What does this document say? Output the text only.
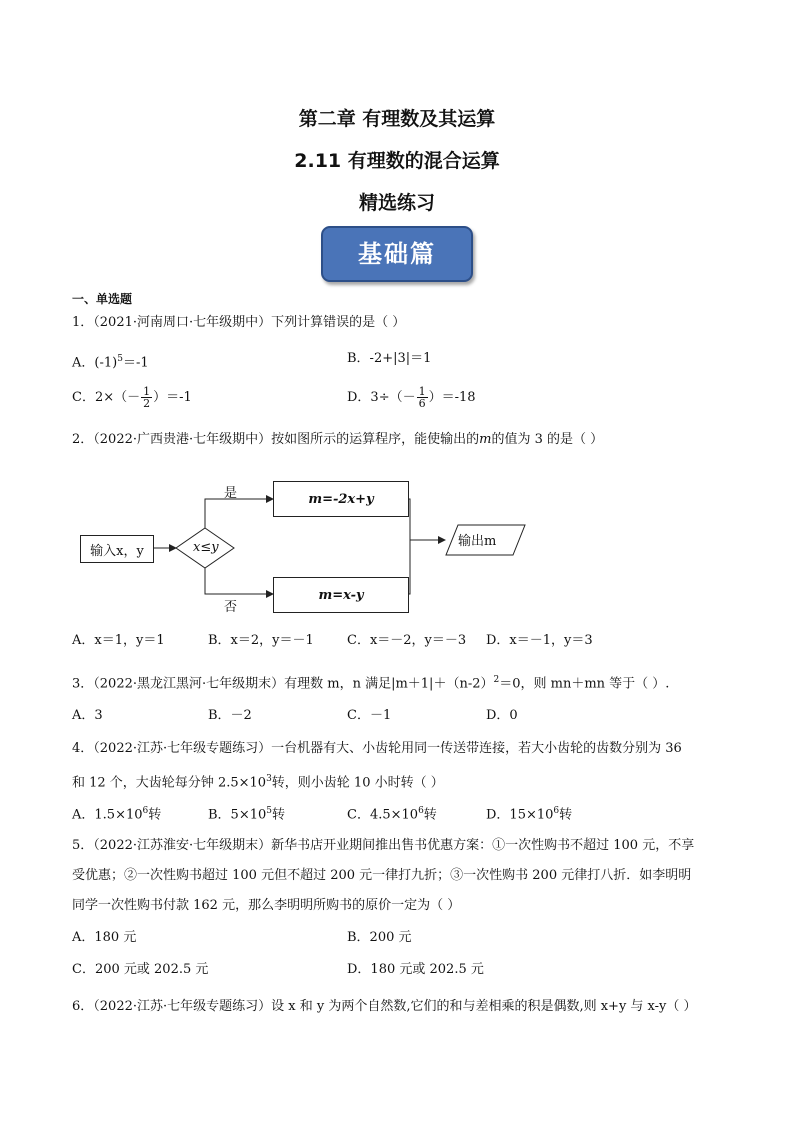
第二章 有理数及其运算
2.11 有理数的混合运算
精选练习
基础篇
一、单选题
1．（2021·河南周口·七年级期中）下列计算错误的是（ ）
A．$(-1)^5=-1$	B．-2+|3|＝1
C．$2\times(- \frac{1}{2} )=-1$	D．$3\div(- \frac{1}{6} )=-18$
2．（2022·广西贵港·七年级期中）按如图所示的运算程序，能使输出的m的值为 3 的是（ ）
输入x，y	x≤y
是
否
m=-2x+y
m=x-y
输出m
A．x＝1，y＝1	B．x＝2，y＝－1	C．x＝－2，y＝－3 D．x＝－1，y＝3
3．（2022·黑龙江黑河·七年级期末）有理数 m，n 满足$|m+1|+(n-2)^2=0$，则 mn＋mn 等于（ ）.
A．3	B．－2	C．－1	D．0
4．（2022·江苏·七年级专题练习）一台机器有大、小齿轮用同一传送带连接，若大小齿轮的齿数分别为 36
和 12 个，大齿轮每分钟 $2.5\times 10^3$转，则小齿轮 10 小时转（ ）
A．$1.5\times 10^6$转	B．$5\times 10^5$转	C．$4.5\times 10^6$转	D．$15\times 10^6$转
5．（2022·江苏淮安·七年级期末）新华书店开业期间推出售书优惠方案：①一次性购书不超过 100 元，不享
受优惠；②一次性购书超过 100 元但不超过 200 元一律打九折；③一次性购书 200 元律打八折．如李明明
同学一次性购书付款 162 元，那么李明明所购书的原价一定为（ ）
A．180 元	B．200 元
C．200 元或 202.5 元	D．180 元或 202.5 元
6．（2022·江苏·七年级专题练习）设 x 和 y 为两个自然数,它们的和与差相乘的积是偶数,则 x+y 与 x-y（ ）
